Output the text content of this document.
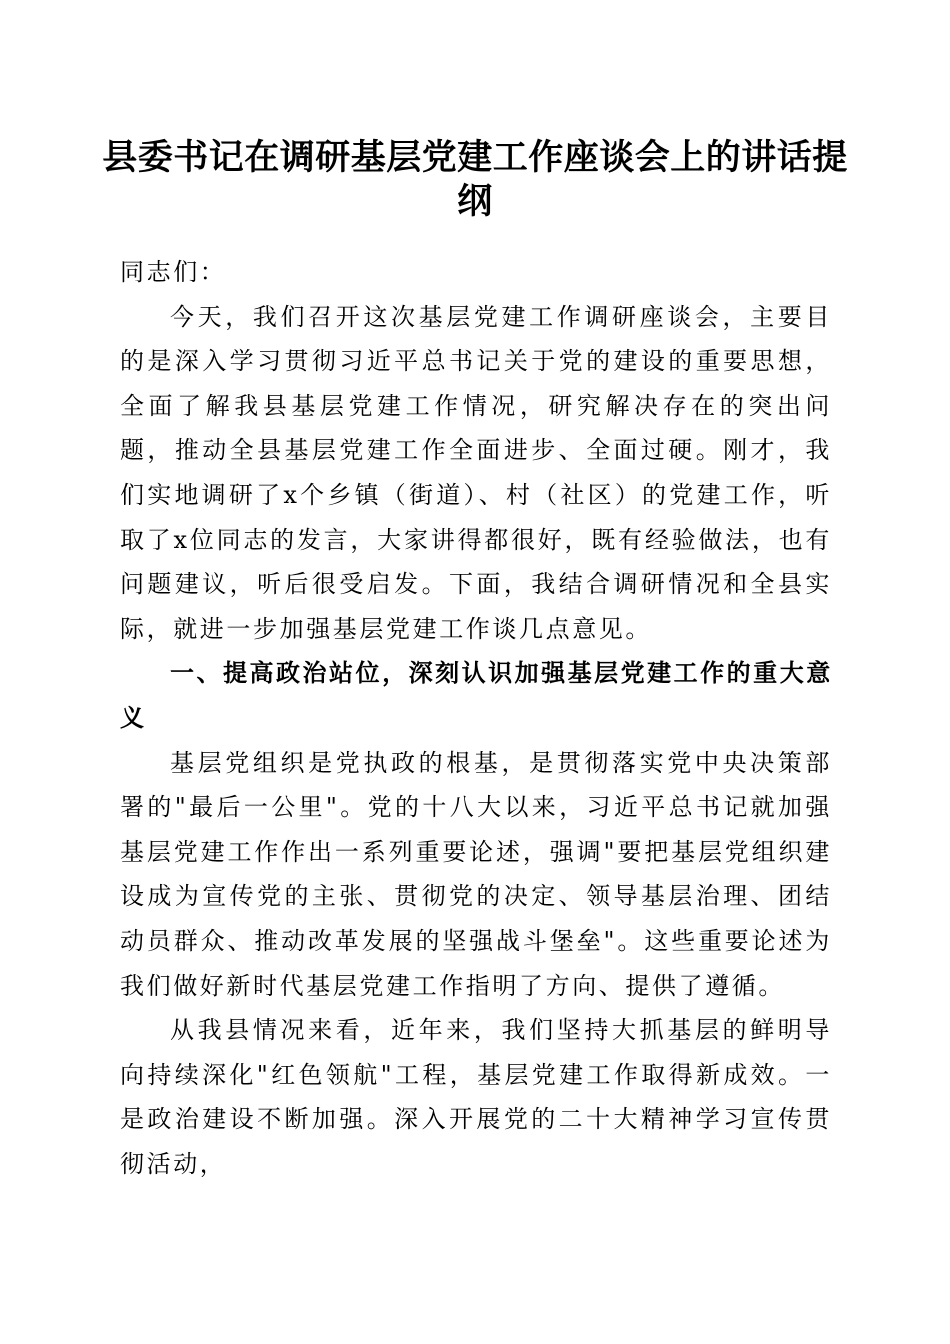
县委书记在调研基层党建工作座谈会上的讲话提纲

同志们：

今天，我们召开这次基层党建工作调研座谈会，主要目的是深入学习贯彻习近平总书记关于党的建设的重要思想，全面了解我县基层党建工作情况，研究解决存在的突出问题，推动全县基层党建工作全面进步、全面过硬。刚才，我们实地调研了x个乡镇（街道）、村（社区）的党建工作，听取了x位同志的发言，大家讲得都很好，既有经验做法，也有问题建议，听后很受启发。下面，我结合调研情况和全县实际，就进一步加强基层党建工作谈几点意见。

一、提高政治站位，深刻认识加强基层党建工作的重大意义

基层党组织是党执政的根基，是贯彻落实党中央决策部署的"最后一公里"。党的十八大以来，习近平总书记就加强基层党建工作作出一系列重要论述，强调"要把基层党组织建设成为宣传党的主张、贯彻党的决定、领导基层治理、团结动员群众、推动改革发展的坚强战斗堡垒"。这些重要论述为我们做好新时代基层党建工作指明了方向、提供了遵循。

从我县情况来看，近年来，我们坚持大抓基层的鲜明导向持续深化"红色领航"工程，基层党建工作取得新成效。一是政治建设不断加强。深入开展党的二十大精神学习宣传贯彻活动，
